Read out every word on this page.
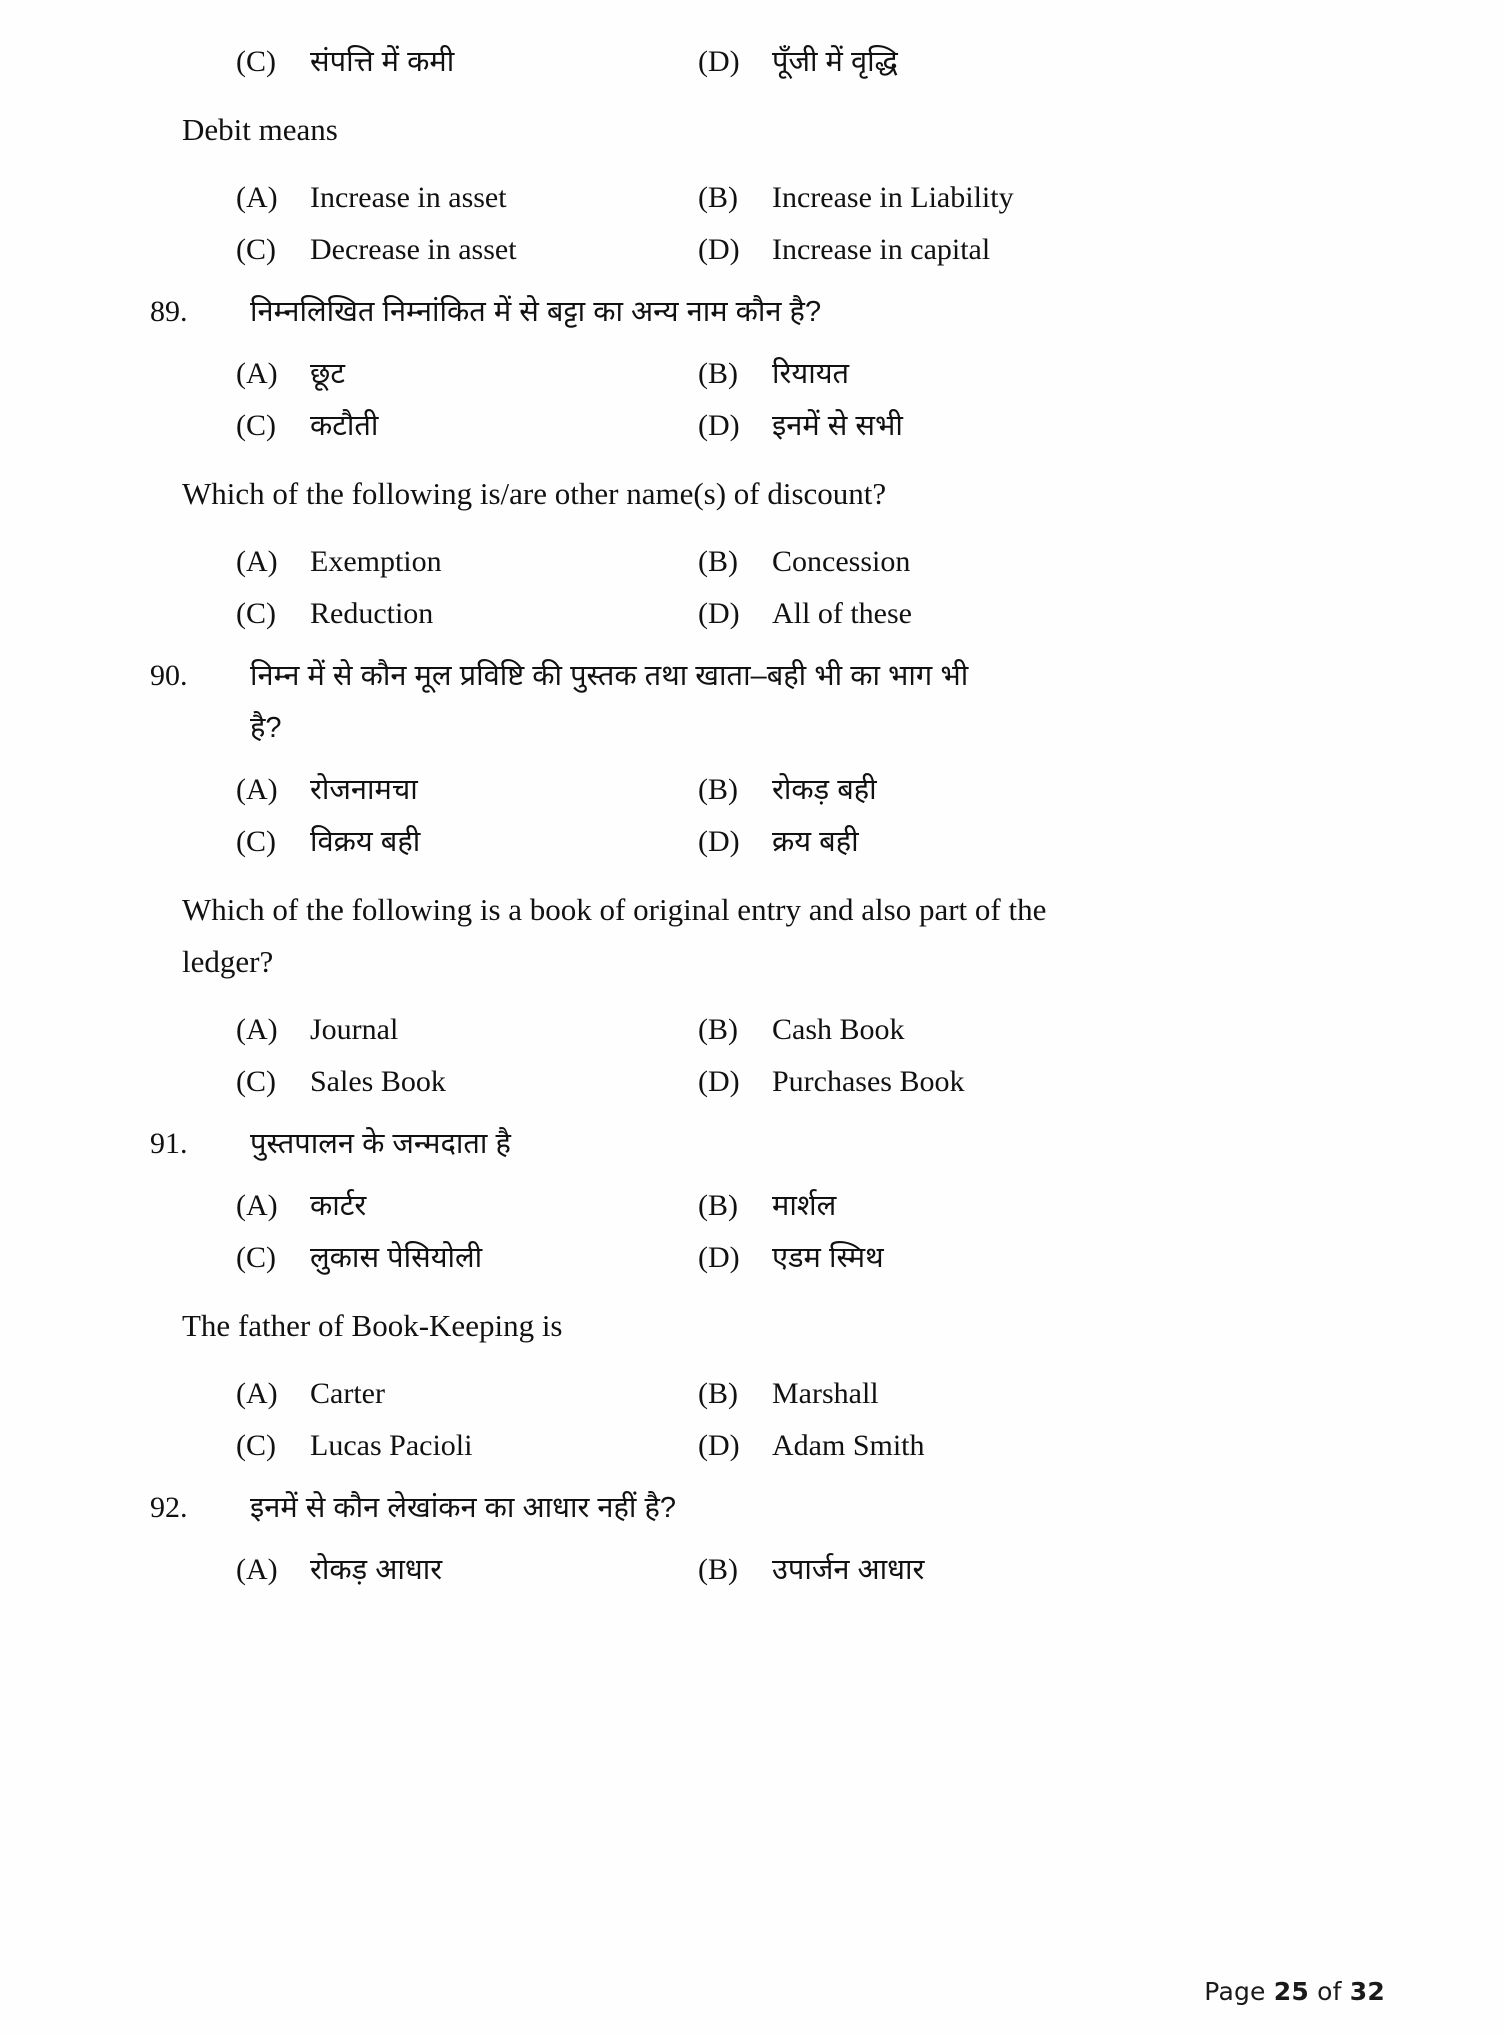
(C)	संपत्ति में कमी	(D)	पूँजी में वृद्धि
Debit means
(A)	Increase in asset	(B)	Increase in Liability
(C)	Decrease in asset	(D)	Increase in capital
89.	निम्नलिखित निम्नांकित में से बट्टा का अन्य नाम कौन है?
(A)	छूट	(B)	रियायत
(C)	कटौती	(D)	इनमें से सभी
Which of the following is/are other name(s) of discount?
(A)	Exemption	(B)	Concession
(C)	Reduction	(D)	All of these
90.	निम्न में से कौन मूल प्रविष्टि की पुस्तक तथा खाता–बही भी का भाग भी
है?
(A)	रोजनामचा	(B)	रोकड़ बही
(C)	विक्रय बही	(D)	क्रय बही
Which of the following is a book of original entry and also part of the
ledger?
(A)	Journal	(B)	Cash Book
(C)	Sales Book	(D)	Purchases Book
91.	पुस्तपालन के जन्मदाता है
(A)	कार्टर	(B)	मार्शल
(C)	लुकास पेसियोली	(D)	एडम स्मिथ
The father of Book-Keeping is
(A)	Carter	(B)	Marshall
(C)	Lucas Pacioli	(D)	Adam Smith
92.	इनमें से कौन लेखांकन का आधार नहीं है?
(A)	रोकड़ आधार	(B)	उपार्जन आधार
Page 25 of 32
